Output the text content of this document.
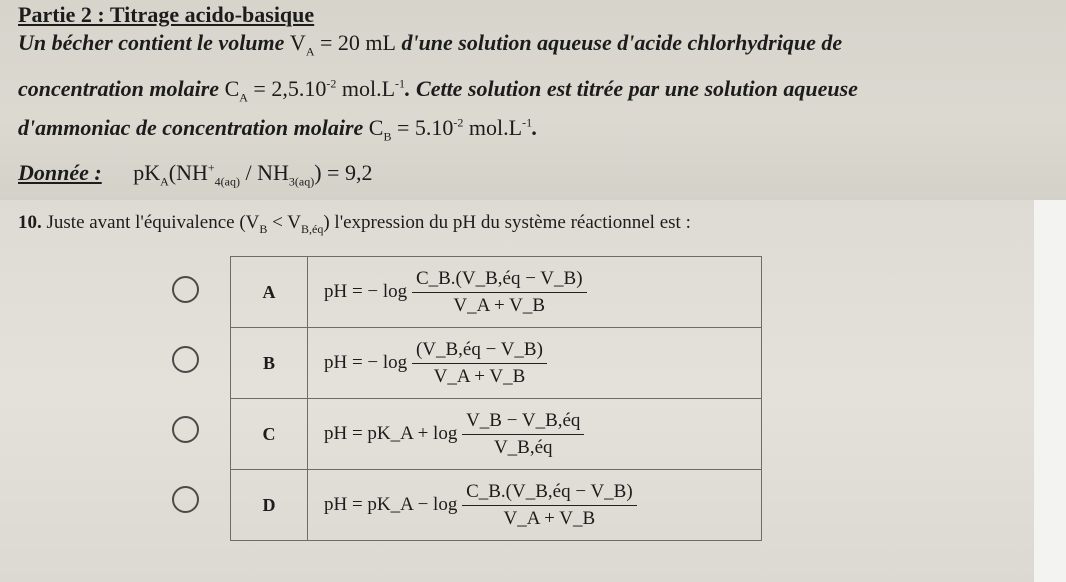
Partie 2 : Titrage acido-basique
Un bécher contient le volume $V_A = 20$ mL d'une solution aqueuse d'acide chlorhydrique de
concentration molaire $C_A = 2,5.10^{-2}$ $mol.L^{-1}$. Cette solution est titrée par une solution aqueuse
d'ammoniac de concentration molaire $C_B = 5.10^{-2}$ $mol.L^{-1}$.
Donnée : $pK_A(NH^+_{4(aq)} / NH_{3(aq)}) = 9,2$
10. Juste avant l'équivalence $(V_B < V_{B,éq})$ l'expression du pH du système réactionnel est :
A	pH = − $\log \frac{C\_B.(V\_B,éq - V\_B)}{V\_A + V\_B}$

B	pH = − $\log \frac{(V\_B,éq - V\_B)}{V\_A + V\_B}$

C	pH = pK_A + $\log \frac{V\_B - V\_B,éq}{V\_B,éq}$

D	pH = pK_A − $\log \frac{C\_B.(V\_B,éq - V\_B)}{V\_A + V\_B}$
